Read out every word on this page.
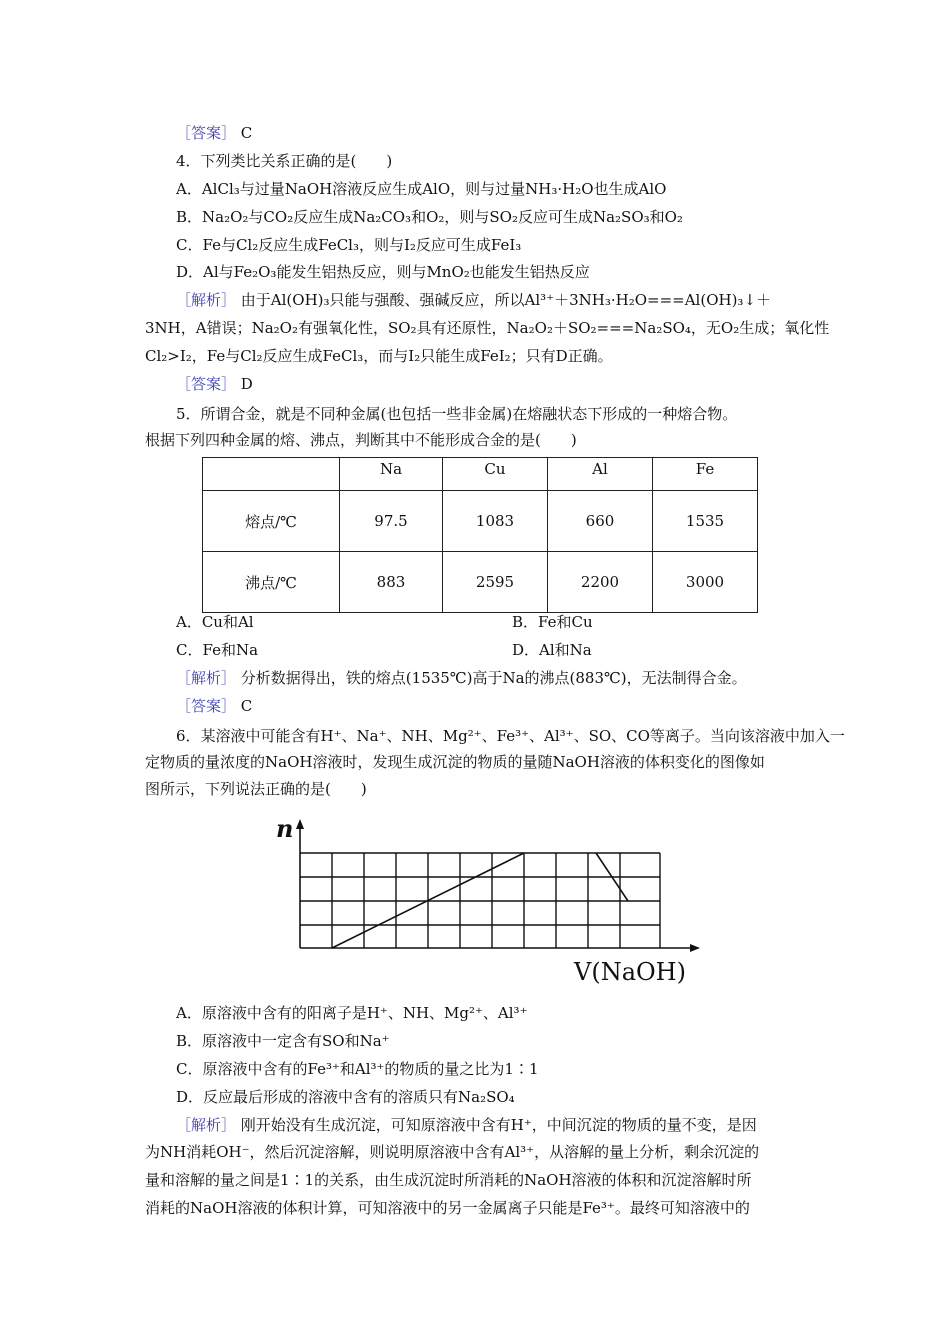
［答案］ C
4．下列类比关系正确的是(　　)
A．AlCl₃与过量NaOH溶液反应生成AlO，则与过量NH₃·H₂O也生成AlO
B．Na₂O₂与CO₂反应生成Na₂CO₃和O₂，则与SO₂反应可生成Na₂SO₃和O₂
C．Fe与Cl₂反应生成FeCl₃，则与I₂反应可生成FeI₃
D．Al与Fe₂O₃能发生铝热反应，则与MnO₂也能发生铝热反应
［解析］ 由于Al(OH)₃只能与强酸、强碱反应，所以Al³⁺＋3NH₃·H₂O===Al(OH)₃↓＋
3NH，A错误；Na₂O₂有强氧化性，SO₂具有还原性，Na₂O₂＋SO₂===Na₂SO₄，无O₂生成；氧化性
Cl₂>I₂，Fe与Cl₂反应生成FeCl₃，而与I₂只能生成FeI₂；只有D正确。
［答案］ D
5．所谓合金，就是不同种金属(也包括一些非金属)在熔融状态下形成的一种熔合物。
根据下列四种金属的熔、沸点，判断其中不能形成合金的是(　　)
	Na	Cu	Al	Fe
熔点/℃	97.5	1083	660	1535
沸点/℃	883	2595	2200	3000
A．Cu和Al	B．Fe和Cu
C．Fe和Na	D．Al和Na
［解析］ 分析数据得出，铁的熔点(1535℃)高于Na的沸点(883℃)，无法制得合金。
［答案］ C
6．某溶液中可能含有H⁺、Na⁺、NH、Mg²⁺、Fe³⁺、Al³⁺、SO、CO等离子。当向该溶液中加入一
定物质的量浓度的NaOH溶液时，发现生成沉淀的物质的量随NaOH溶液的体积变化的图像如
图所示，下列说法正确的是(　　)
n
V(NaOH)
A．原溶液中含有的阳离子是H⁺、NH、Mg²⁺、Al³⁺
B．原溶液中一定含有SO和Na⁺
C．原溶液中含有的Fe³⁺和Al³⁺的物质的量之比为1∶1
D．反应最后形成的溶液中含有的溶质只有Na₂SO₄
［解析］ 刚开始没有生成沉淀，可知原溶液中含有H⁺，中间沉淀的物质的量不变，是因
为NH消耗OH⁻，然后沉淀溶解，则说明原溶液中含有Al³⁺，从溶解的量上分析，剩余沉淀的
量和溶解的量之间是1∶1的关系，由生成沉淀时所消耗的NaOH溶液的体积和沉淀溶解时所
消耗的NaOH溶液的体积计算，可知溶液中的另一金属离子只能是Fe³⁺。最终可知溶液中的
